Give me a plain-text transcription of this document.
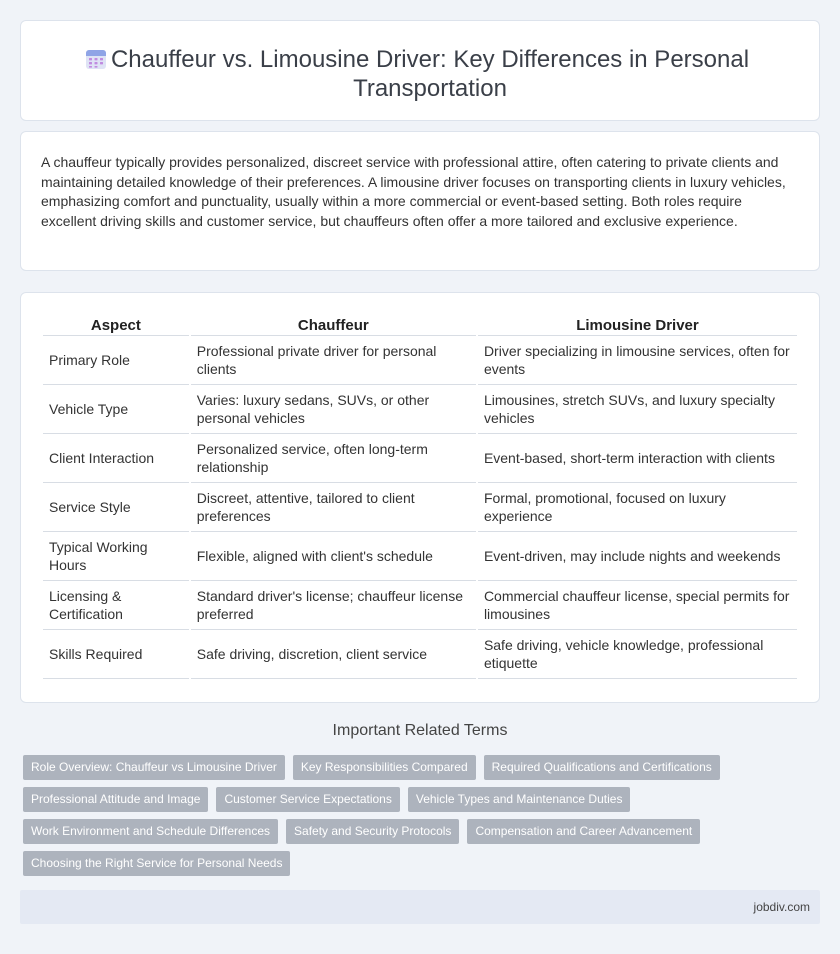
Chauffeur vs. Limousine Driver: Key Differences in Personal Transportation

A chauffeur typically provides personalized, discreet service with professional attire, often catering to private clients and maintaining detailed knowledge of their preferences. A limousine driver focuses on transporting clients in luxury vehicles, emphasizing comfort and punctuality, usually within a more commercial or event-based setting. Both roles require excellent driving skills and customer service, but chauffeurs often offer a more tailored and exclusive experience.

Aspect	Chauffeur	Limousine Driver
Primary Role	Professional private driver for personal clients	Driver specializing in limousine services, often for events
Vehicle Type	Varies: luxury sedans, SUVs, or other personal vehicles	Limousines, stretch SUVs, and luxury specialty vehicles
Client Interaction	Personalized service, often long-term relationship	Event-based, short-term interaction with clients
Service Style	Discreet, attentive, tailored to client preferences	Formal, promotional, focused on luxury experience
Typical Working Hours	Flexible, aligned with client's schedule	Event-driven, may include nights and weekends
Licensing & Certification	Standard driver's license; chauffeur license preferred	Commercial chauffeur license, special permits for limousines
Skills Required	Safe driving, discretion, client service	Safe driving, vehicle knowledge, professional etiquette
Important Related Terms
Role Overview: Chauffeur vs Limousine Driver	Key Responsibilities Compared	Required Qualifications and Certifications
Professional Attitude and Image	Customer Service Expectations	Vehicle Types and Maintenance Duties
Work Environment and Schedule Differences	Safety and Security Protocols	Compensation and Career Advancement
Choosing the Right Service for Personal Needs
jobdiv.com
